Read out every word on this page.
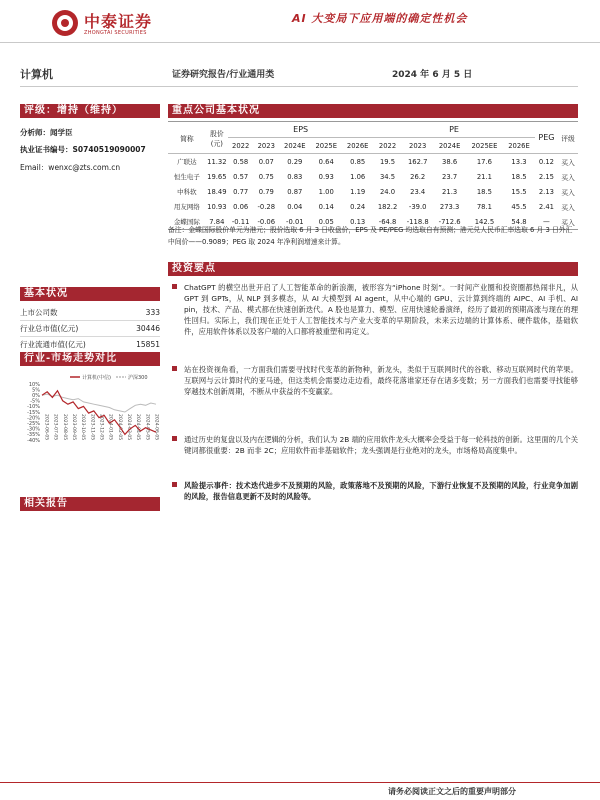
中泰证券
ZHONGTAI SECURITIES
AI 大变局下应用端的确定性机会
计算机	证券研究报告/行业通用类	2024 年 6 月 5 日
评级：增持（维持）
分析师：闻学臣
执业证书编号：S0740519090007
Email：wenxc@zts.com.cn
基本状况
上市公司数	333
行业总市值(亿元)	30446
行业流通市值(亿元)	15851
行业-市场走势对比
计算机(中信)	沪深300
10%
5%
0%
-5%
-10%
-15%
-20%
-25%
-30%
-35%
-40%
2023-06-05 2023-07-05 2023-08-05 2023-09-05 2023-10-05 2023-11-05 2023-12-05 2024-01-05 2024-02-05 2024-03-05 2024-04-05 2024-05-05 2024-06-05
相关报告
重点公司基本状况
简称	股价(元)	EPS					PE					PEG	评级
		2022	2023	2024E	2025E	2026E	2022	2023	2024E	2025EE	2026E		
广联达	11.32	0.58	0.07	0.29	0.64	0.85	19.5	162.7	38.6	17.6	13.3	0.12	买入
恒生电子	19.65	0.57	0.75	0.83	0.93	1.06	34.5	26.2	23.7	21.1	18.5	2.15	买入
中科软	18.49	0.77	0.79	0.87	1.00	1.19	24.0	23.4	21.3	18.5	15.5	2.13	买入
用友网络	10.93	0.06	-0.28	0.04	0.14	0.24	182.2	-39.0	273.3	78.1	45.5	2.41	买入
金蝶国际	7.84	-0.11	-0.06	-0.01	0.05	0.13	-64.8	-118.8	-712.6	142.5	54.8	—	买入
备注：金蝶国际股价单元为港元；股价选取 6 月 3 日收盘价，EPS 及 PE/PEG 均选取自有预测；港元兑人民币汇率选取 6 月 3 日外汇中间价——0.9089；PEG 取 2024 年净利润增速来计算。
投资要点
ChatGPT 的横空出世开启了人工智能革命的新浪潮，被形容为“iPhone 时刻”。一时间产业圈和投资圈都热闹非凡，从 GPT 到 GPTs，从 NLP 到多模态，从 AI 大模型到 AI agent，从中心端的 GPU、云计算到终端的 AIPC、AI 手机、AI pin，技术、产品、模式都在快速创新迭代。A 股也是算力、模型、应用快速轮番演绎，经历了最初的预期高涨与现在的理性回归。实际上，我们现在正处于人工智能技术与产业大变革的早期阶段，未来云边端的计算体系、硬件载体，基础软件，应用软件体系以及客户端的入口都将被重塑和再定义。
站在投资视角看，一方面我们需要寻找时代变革的新物种，新龙头，类似于互联网时代的谷歌、移动互联网时代的苹果。互联网与云计算时代的亚马逊，但这类机会需要边走边看，最终花落谁家还存在诸多变数；另一方面我们也需要寻找能够穿越技术创新周期，不断从中获益的不变赢家。
通过历史的复盘以及内在逻辑的分析，我们认为 2B 端的应用软件龙头大概率会受益于每一轮科技的创新。这里面的几个关键词都很重要：2B 而非 2C；应用软件而非基础软件；龙头强调是行业绝对的龙头，市场格局高度集中。
风险提示事件：技术迭代进步不及预期的风险，政策落地不及预期的风险，下游行业恢复不及预期的风险，行业竞争加剧的风险，报告信息更新不及时的风险等。
请务必阅读正文之后的重要声明部分
